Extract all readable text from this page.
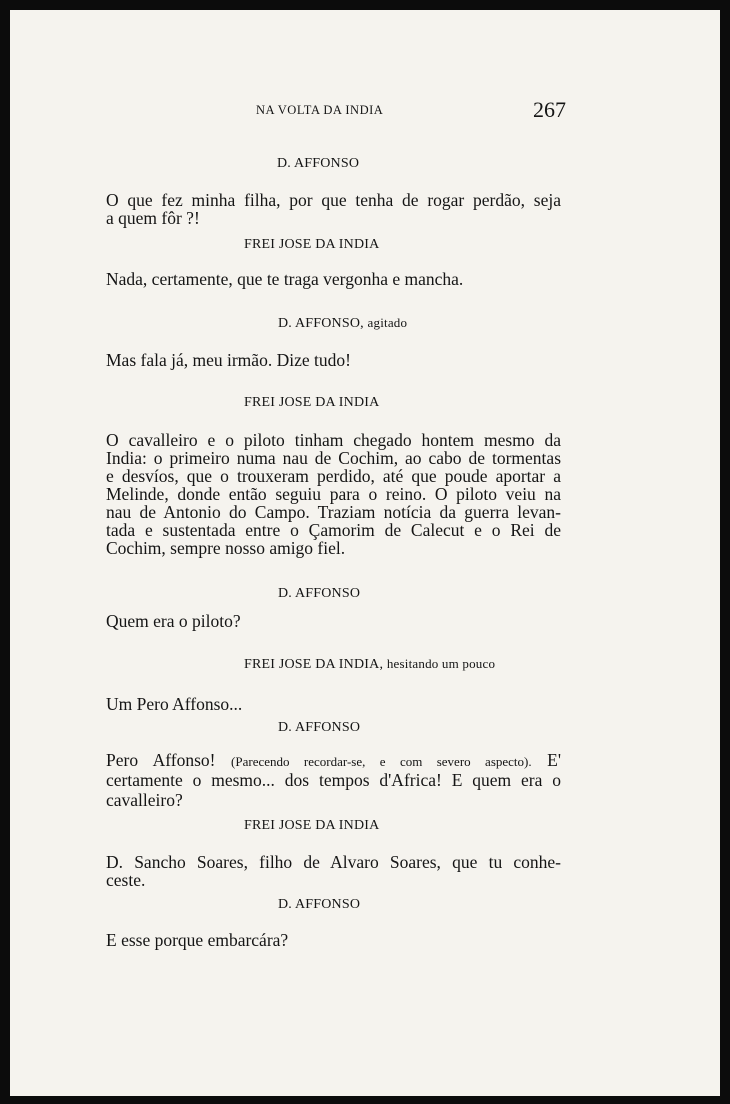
NA VOLTA DA INDIA	267
D. AFFONSO
O que fez minha filha, por que tenha de rogar perdão, seja
a quem fôr ?!
FREI JOSE DA INDIA
Nada, certamente, que te traga vergonha e mancha.
D. AFFONSO, agitado
Mas fala já, meu irmão. Dize tudo!
FREI JOSE DA INDIA
O cavalleiro e o piloto tinham chegado hontem mesmo da
India: o primeiro numa nau de Cochim, ao cabo de tormentas
e desvíos, que o trouxeram perdido, até que poude aportar a
Melinde, donde então seguiu para o reino. O piloto veiu na
nau de Antonio do Campo. Traziam notícia da guerra levan-
tada e sustentada entre o Çamorim de Calecut e o Rei de
Cochim, sempre nosso amigo fiel.
D. AFFONSO
Quem era o piloto?
FREI JOSE DA INDIA, hesitando um pouco
Um Pero Affonso...
D. AFFONSO
Pero Affonso! (Parecendo recordar-se, e com severo aspecto). E'
certamente o mesmo... dos tempos d'Africa! E quem era o
cavalleiro?
FREI JOSE DA INDIA
D. Sancho Soares, filho de Alvaro Soares, que tu conhe-
ceste.
D. AFFONSO
E esse porque embarcára?
